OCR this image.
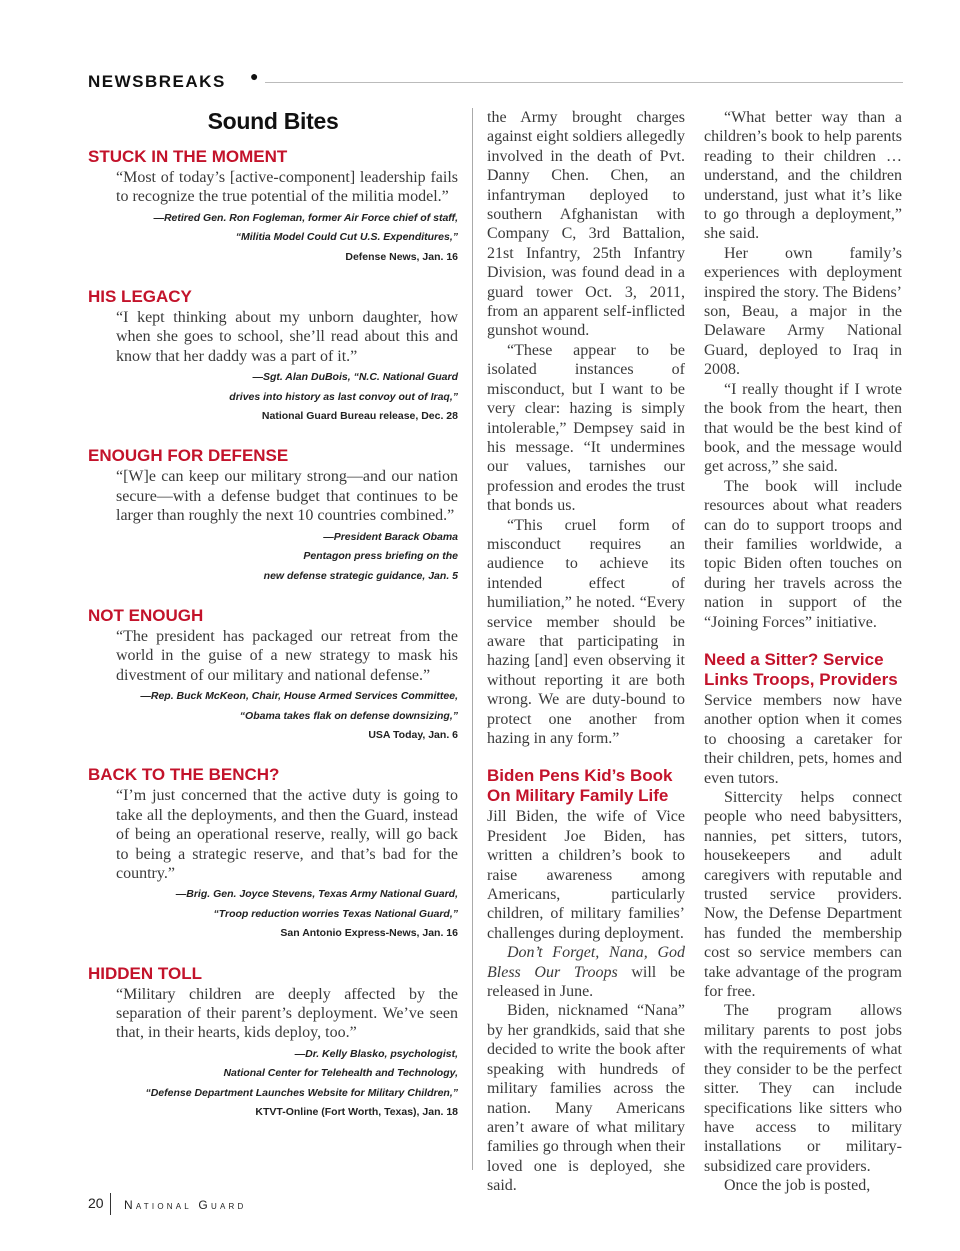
NEWSBREAKS ●
Sound Bites
STUCK IN THE MOMENT
“Most of today’s [active-component] leadership fails to recognize the true potential of the militia model.”
—Retired Gen. Ron Fogleman, former Air Force chief of staff,
“Militia Model Could Cut U.S. Expenditures,”
Defense News, Jan. 16
HIS LEGACY
“I kept thinking about my unborn daughter, how when she goes to school, she’ll read about this and know that her daddy was a part of it.”
—Sgt. Alan DuBois, “N.C. National Guard
drives into history as last convoy out of Iraq,”
National Guard Bureau release, Dec. 28
ENOUGH FOR DEFENSE
“[W]e can keep our military strong—and our nation secure—with a defense budget that continues to be larger than roughly the next 10 countries combined.”
—President Barack Obama
Pentagon press briefing on the
new defense strategic guidance, Jan. 5
NOT ENOUGH
“The president has packaged our retreat from the world in the guise of a new strategy to mask his divestment of our military and national defense.”
—Rep. Buck McKeon, Chair, House Armed Services Committee,
“Obama takes flak on defense downsizing,”
USA Today, Jan. 6
BACK TO THE BENCH?
“I’m just concerned that the active duty is going to take all the deployments, and then the Guard, instead of being an operational reserve, really, will go back to being a strategic reserve, and that’s bad for the country.”
—Brig. Gen. Joyce Stevens, Texas Army National Guard,
“Troop reduction worries Texas National Guard,”
San Antonio Express-News, Jan. 16
HIDDEN TOLL
“Military children are deeply affected by the separation of their parent’s deployment. We’ve seen that, in their hearts, kids deploy, too.”
—Dr. Kelly Blasko, psychologist,
National Center for Telehealth and Technology,
“Defense Department Launches Website for Military Children,”
KTVT-Online (Fort Worth, Texas), Jan. 18

the Army brought charges against eight soldiers allegedly involved in the death of Pvt. Danny Chen. Chen, an infantryman deployed to southern Afghanistan with Company C, 3rd Battalion, 21st Infantry, 25th Infantry Division, was found dead in a guard tower Oct. 3, 2011, from an apparent self-inflicted gunshot wound.

“These appear to be isolated instances of misconduct, but I want to be very clear: hazing is simply intolerable,” Dempsey said in his message. “It undermines our values, tarnishes our profession and erodes the trust that bonds us.

“This cruel form of misconduct requires an audience to achieve its intended effect of humiliation,” he noted. “Every service member should be aware that participating in hazing [and] even observing it without reporting it are both wrong. We are duty-bound to protect one another from hazing in any form.”

Biden Pens Kid’s Book On Military Family Life

Jill Biden, the wife of Vice President Joe Biden, has written a children’s book to raise awareness among Americans, particularly children, of military families’ challenges during deployment.

Don’t Forget, Nana, God Bless Our Troops will be released in June.

Biden, nicknamed “Nana” by her grandkids, said that she decided to write the book after speaking with hundreds of military families across the nation. Many Americans aren’t aware of what military families go through when their loved one is deployed, she said.

“What better way than a children’s book to help parents reading to their children … understand, and the children understand, just what it’s like to go through a deployment,” she said.

Her own family’s experiences with deployment inspired the story. The Bidens’ son, Beau, a major in the Delaware Army National Guard, deployed to Iraq in 2008.

“I really thought if I wrote the book from the heart, then that would be the best kind of book, and the message would get across,” she said.

The book will include resources about what readers can do to support troops and their families worldwide, a topic Biden often touches on during her travels across the nation in support of the “Joining Forces” initiative.

Need a Sitter? Service Links Troops, Providers

Service members now have another option when it comes to choosing a caretaker for their children, pets, homes and even tutors.

Sittercity helps connect people who need babysitters, nannies, pet sitters, tutors, housekeepers and adult caregivers with reputable and trusted service providers. Now, the Defense Department has funded the membership cost so service members can take advantage of the program for free.

The program allows military parents to post jobs with the requirements of what they consider to be the perfect sitter. They can include specifications like sitters who have access to military installations or military-subsidized care providers.

Once the job is posted,

20 National Guard
